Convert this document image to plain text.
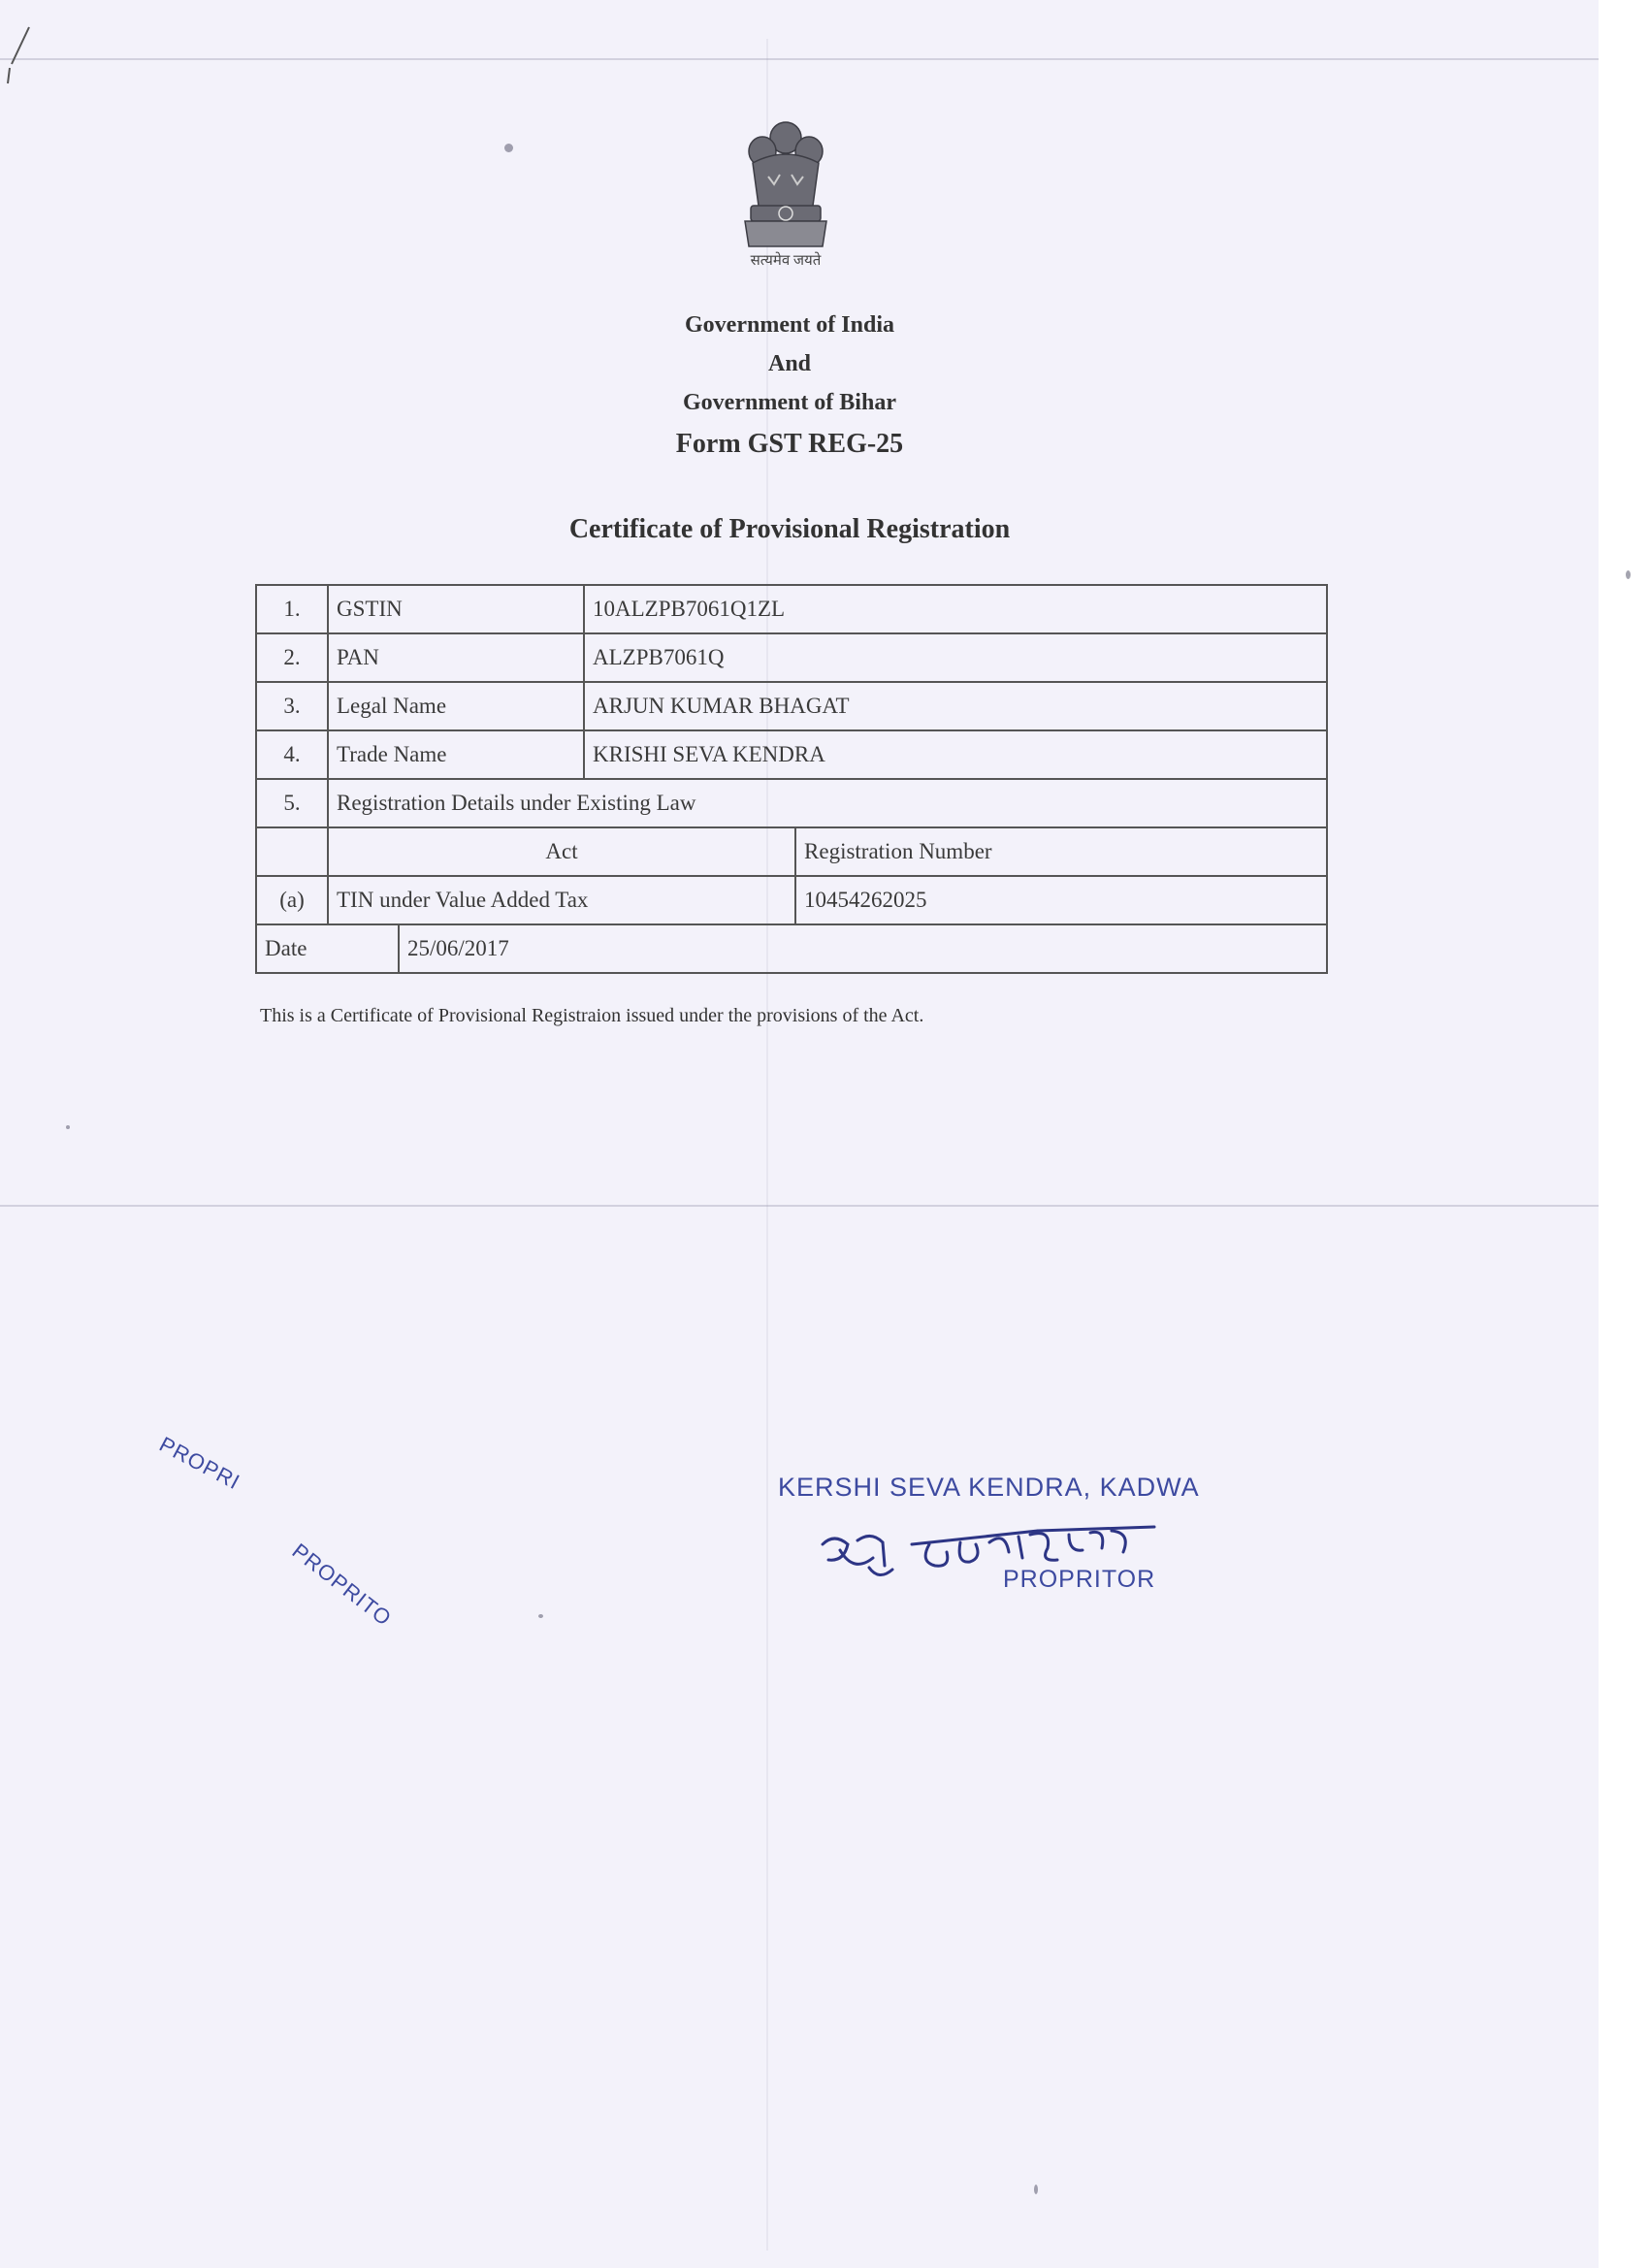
सत्यमेव जयते
Government of India
And
Government of Bihar
Form GST REG-25
Certificate of Provisional Registration
1.	GSTIN		10ALZPB7061Q1ZL	
2.	PAN		ALZPB7061Q	
3.	Legal Name		ARJUN KUMAR BHAGAT	
4.	Trade Name		KRISHI SEVA KENDRA	
5.	Registration Details under Existing Law			
	Act			Registration Number
(a)	TIN under Value Added Tax			10454262025
Date		25/06/2017		
This is a Certificate of Provisional Registraion issued under the provisions of the Act.
PROPRI
PROPRITO
KERSHI SEVA KENDRA, KADWA
PROPRITOR
